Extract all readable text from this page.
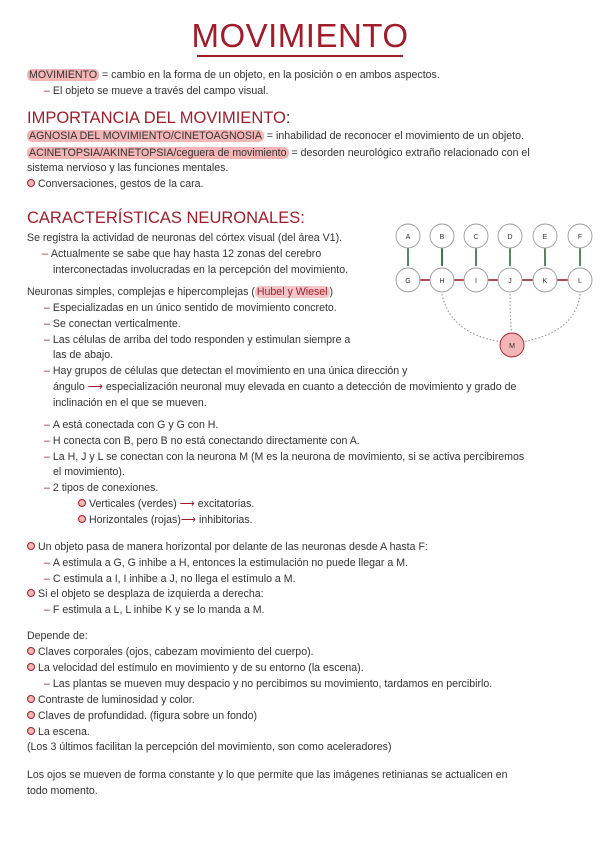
MOVIMIENTO
MOVIMIENTO = cambio en la forma de un objeto, en la posición o en ambos aspectos.
– El objeto se mueve a través del campo visual.
IMPORTANCIA DEL MOVIMIENTO:
AGNOSIA DEL MOVIMIENTO/CINETOAGNOSIA = inhabilidad de reconocer el movimiento de un objeto.
ACINETOPSIA/AKINETOPSIA/ceguera de movimiento = desorden neurológico extraño relacionado con el
sistema nervioso y las funciones mentales.
Conversaciones, gestos de la cara.
CARACTERÍSTICAS NEURONALES:
Se registra la actividad de neuronas del córtex visual (del área V1).
– Actualmente se sabe que hay hasta 12 zonas del cerebro
interconectadas involucradas en la percepción del movimiento.
Neuronas simples, complejas e hipercomplejas ( Hubel y Wiesel )
– Especializadas en un único sentido de movimiento concreto.
– Se conectan verticalmente.
– Las células de arriba del todo responden y estimulan siempre a
las de abajo.
– Hay grupos de células que detectan el movimiento en una única dirección y
ángulo ⟶ especialización neuronal muy elevada en cuanto a detección de movimiento y grado de
inclinación en el que se mueven.
– A está conectada con G y G con H.
– H conecta con B, pero B no está conectando directamente con A.
– La H, J y L se conectan con la neurona M (M es la neurona de movimiento, si se activa percibiremos
el movimiento).
– 2 tipos de conexiones.
Verticales (verdes) ⟶ excitatorias.
Horizontales (rojas)⟶ inhibitorias.
A	B	C	D	E	F
G	H	I	J	K	L
M
Un objeto pasa de manera horizontal por delante de las neuronas desde A hasta F:
– A estimula a G, G inhibe a H, entonces la estimulación no puede llegar a M.
– C estimula a I, I inhibe a J, no llega el estímulo a M.
Si el objeto se desplaza de izquierda a derecha:
– F estimula a L, L inhibe K y se lo manda a M.
Depende de:
Claves corporales (ojos, cabezam movimiento del cuerpo).
La velocidad del estímulo en movimiento y de su entorno (la escena).
– Las plantas se mueven muy despacio y no percibimos su movimiento, tardamos en percibirlo.
Contraste de luminosidad y color.
Claves de profundidad. (figura sobre un fondo)
La escena.
(Los 3 últimos facilitan la percepción del movimiento, son como aceleradores)
Los ojos se mueven de forma constante y lo que permite que las imágenes retinianas se actualicen en
todo momento.
